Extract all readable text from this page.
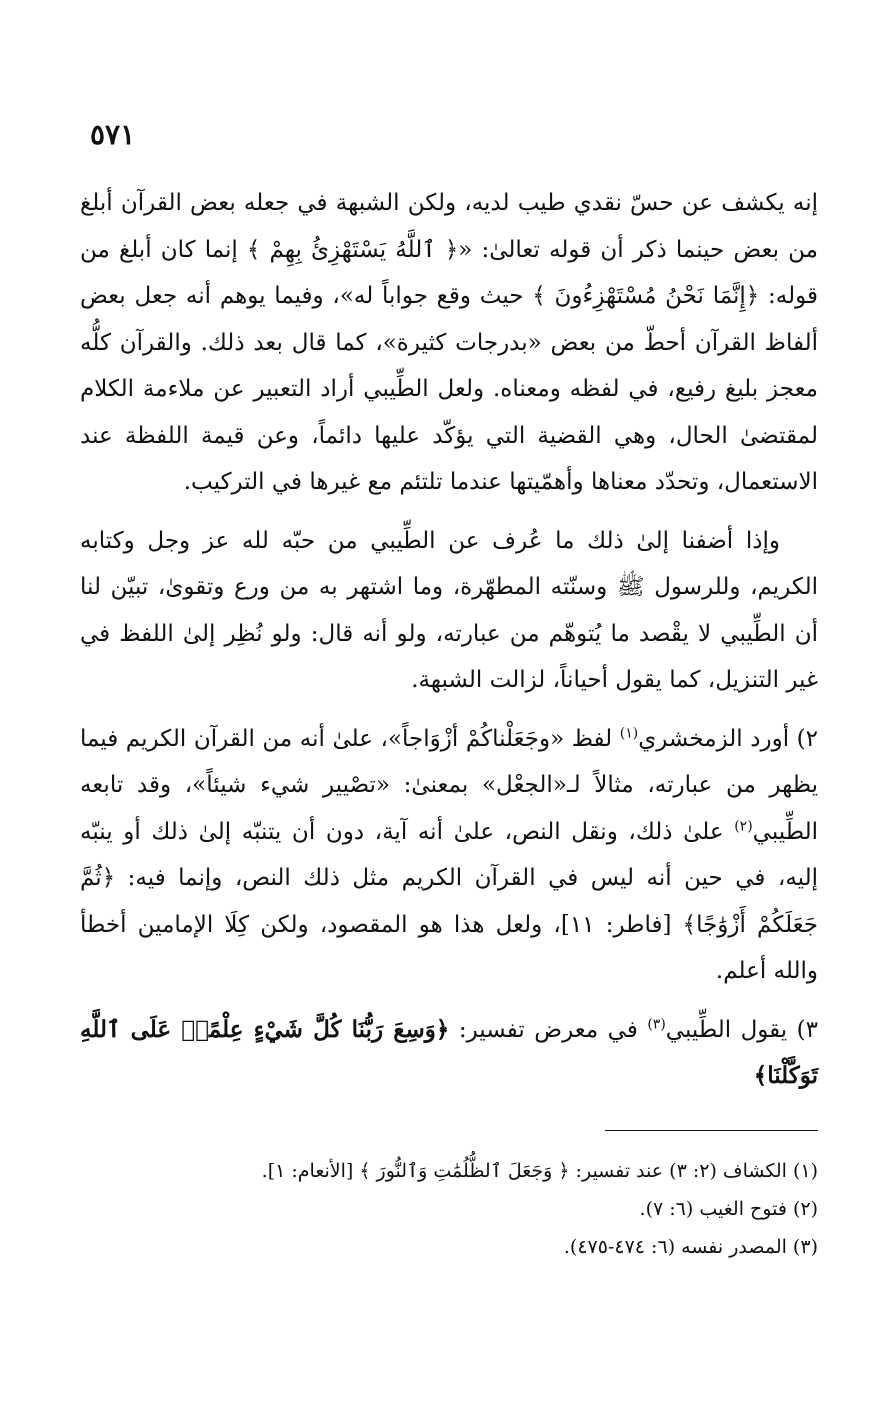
٥٧١

إنه يكشف عن حسّ نقدي طيب لديه، ولكن الشبهة في جعله بعض القرآن أبلغ من بعض حينما ذكر أن قوله تعالىٰ: «﴿ ٱللَّهُ يَسْتَهْزِئُ بِهِمْ ﴾ إنما كان أبلغ من قوله: ﴿إِنَّمَا نَحْنُ مُسْتَهْزِءُونَ ﴾ حيث وقع جواباً له»، وفيما يوهم أنه جعل بعض ألفاظ القرآن أحطّ من بعض «بدرجات كثيرة»، كما قال بعد ذلك. والقرآن كلُّه معجز بليغ رفيع، في لفظه ومعناه. ولعل الطِّيبي أراد التعبير عن ملاءمة الكلام لمقتضىٰ الحال، وهي القضية التي يؤكّد عليها دائماً، وعن قيمة اللفظة عند الاستعمال، وتحدّد معناها وأهمّيتها عندما تلتئم مع غيرها في التركيب.

وإذا أضفنا إلىٰ ذلك ما عُرف عن الطِّيبي من حبّه لله عز وجل وكتابه الكريم، وللرسول ﷺ وسنّته المطهّرة، وما اشتهر به من ورع وتقوىٰ، تبيّن لنا أن الطِّيبي لا يقْصد ما يُتوهّم من عبارته، ولو أنه قال: ولو نُظِر إلىٰ اللفظ في غير التنزيل، كما يقول أحياناً، لزالت الشبهة.

٢) أورد الزمخشري$^{(١)}$ لفظ «وجَعَلْناكُمْ أزْوَاجاً»، علىٰ أنه من القرآن الكريم فيما يظهر من عبارته، مثالاً لـ«الجعْل» بمعنىٰ: «تصْيير شيء شيئاً»، وقد تابعه الطِّيبي$^{(٢)}$ علىٰ ذلك، ونقل النص، علىٰ أنه آية، دون أن يتنبّه إلىٰ ذلك أو ينبّه إليه، في حين أنه ليس في القرآن الكريم مثل ذلك النص، وإنما فيه: ﴿ثُمَّ جَعَلَكُمْ أَزْوَٰجًا﴾ [فاطر: ١١]، ولعل هذا هو المقصود، ولكن كِلَا الإمامين أخطأ والله أعلم.

٣) يقول الطِّيبي$^{(٣)}$ في معرض تفسير: ﴿وَسِعَ رَبُّنَا كُلَّ شَيْءٍ عِلْمًاۚ عَلَى ٱللَّهِ تَوَكَّلْنَا﴾

(١) الكشاف (٢: ٣) عند تفسير: ﴿ وَجَعَلَ ٱلظُّلُمَٰتِ وَٱلنُّورَ ﴾ [الأنعام: ١].

(٢) فتوح الغيب (٦: ٧).

(٣) المصدر نفسه (٦: ٤٧٤-٤٧٥).
